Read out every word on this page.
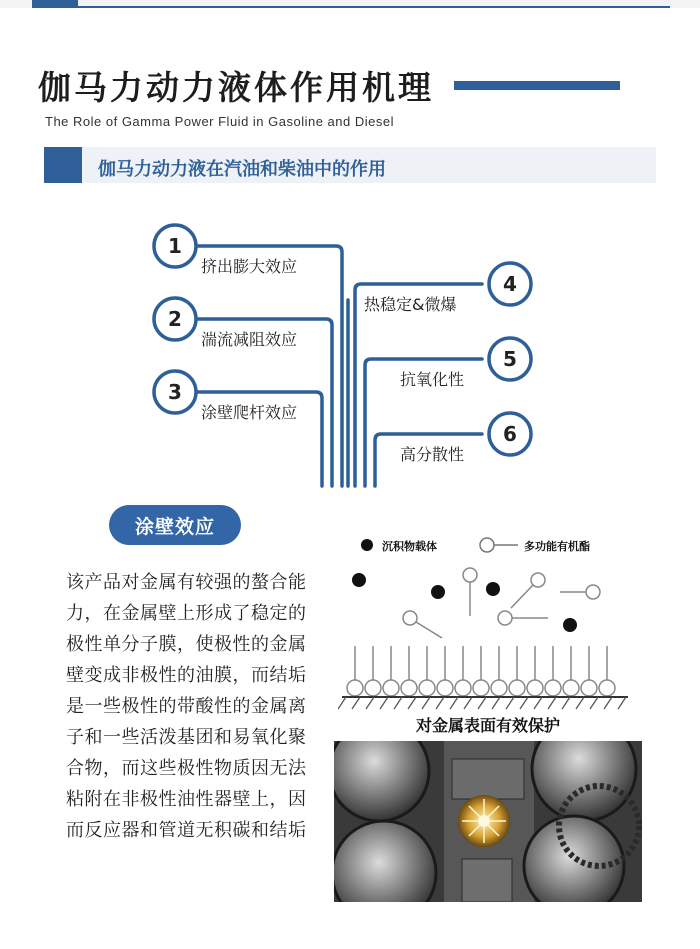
伽马力动力液体作用机理
The Role of Gamma Power Fluid in Gasoline and Diesel
伽马力动力液在汽油和柴油中的作用
1
2
3
4
5
6
挤出膨大效应
湍流减阻效应
涂壁爬杆效应
热稳定&微爆
抗氧化性
高分散性
涂壁效应
该产品对金属有较强的螯合能力，在金属壁上形成了稳定的极性单分子膜，使极性的金属壁变成非极性的油膜，而结垢是一些极性的带酸性的金属离子和一些活泼基团和易氧化聚合物，而这些极性物质因无法粘附在非极性油性器壁上，因而反应器和管道无积碳和结垢
沉积物载体	多功能有机酯
对金属表面有效保护
